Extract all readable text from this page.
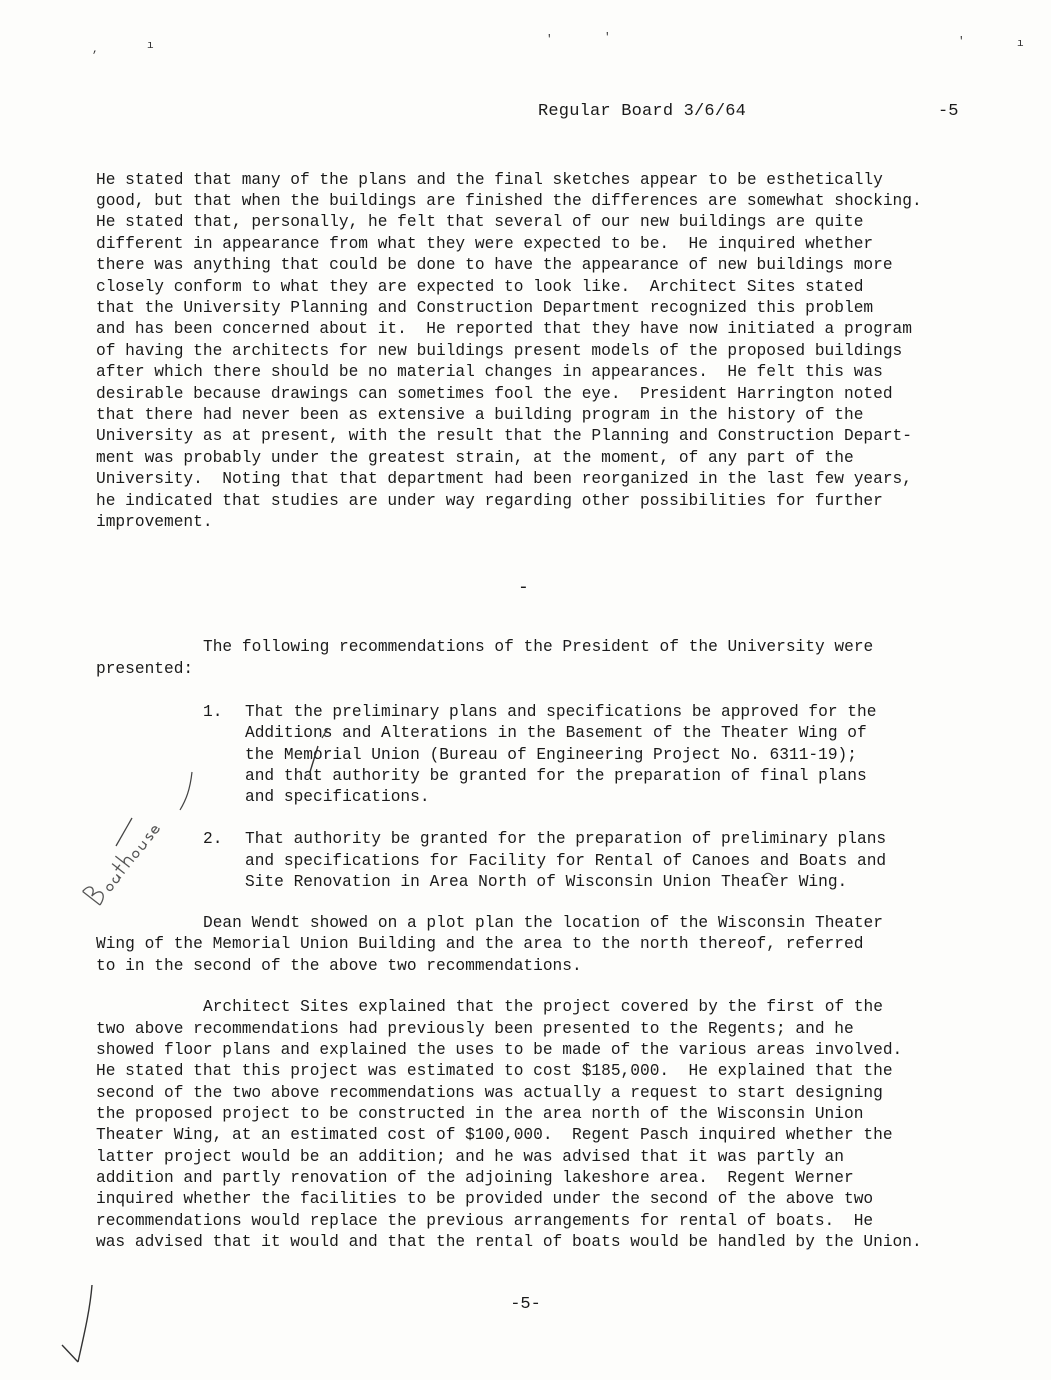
,	ı	'	'	'	ı
Regular Board 3/6/64	-5
He stated that many of the plans and the final sketches appear to be esthetically
good, but that when the buildings are finished the differences are somewhat shocking.
He stated that, personally, he felt that several of our new buildings are quite
different in appearance from what they were expected to be.  He inquired whether
there was anything that could be done to have the appearance of new buildings more
closely conform to what they are expected to look like.  Architect Sites stated
that the University Planning and Construction Department recognized this problem
and has been concerned about it.  He reported that they have now initiated a program
of having the architects for new buildings present models of the proposed buildings
after which there should be no material changes in appearances.  He felt this was
desirable because drawings can sometimes fool the eye.  President Harrington noted
that there had never been as extensive a building program in the history of the
University as at present, with the result that the Planning and Construction Depart-
ment was probably under the greatest strain, at the moment, of any part of the
University.  Noting that that department had been reorganized in the last few years,
he indicated that studies are under way regarding other possibilities for further
improvement.
-
The following recommendations of the President of the University were
presented:
1. That the preliminary plans and specifications be approved for the
Additions and Alterations in the Basement of the Theater Wing of
the Memorial Union (Bureau of Engineering Project No. 6311-19);
and that authority be granted for the preparation of final plans
and specifications.
2. That authority be granted for the preparation of preliminary plans
and specifications for Facility for Rental of Canoes and Boats and
Site Renovation in Area North of Wisconsin Union Theater Wing.
Dean Wendt showed on a plot plan the location of the Wisconsin Theater
Wing of the Memorial Union Building and the area to the north thereof, referred
to in the second of the above two recommendations.
Architect Sites explained that the project covered by the first of the
two above recommendations had previously been presented to the Regents; and he
showed floor plans and explained the uses to be made of the various areas involved.
He stated that this project was estimated to cost $185,000.  He explained that the
second of the two above recommendations was actually a request to start designing
the proposed project to be constructed in the area north of the Wisconsin Union
Theater Wing, at an estimated cost of $100,000.  Regent Pasch inquired whether the
latter project would be an addition; and he was advised that it was partly an
addition and partly renovation of the adjoining lakeshore area.  Regent Werner
inquired whether the facilities to be provided under the second of the above two
recommendations would replace the previous arrangements for rental of boats.  He
was advised that it would and that the rental of boats would be handled by the Union.
-5-
